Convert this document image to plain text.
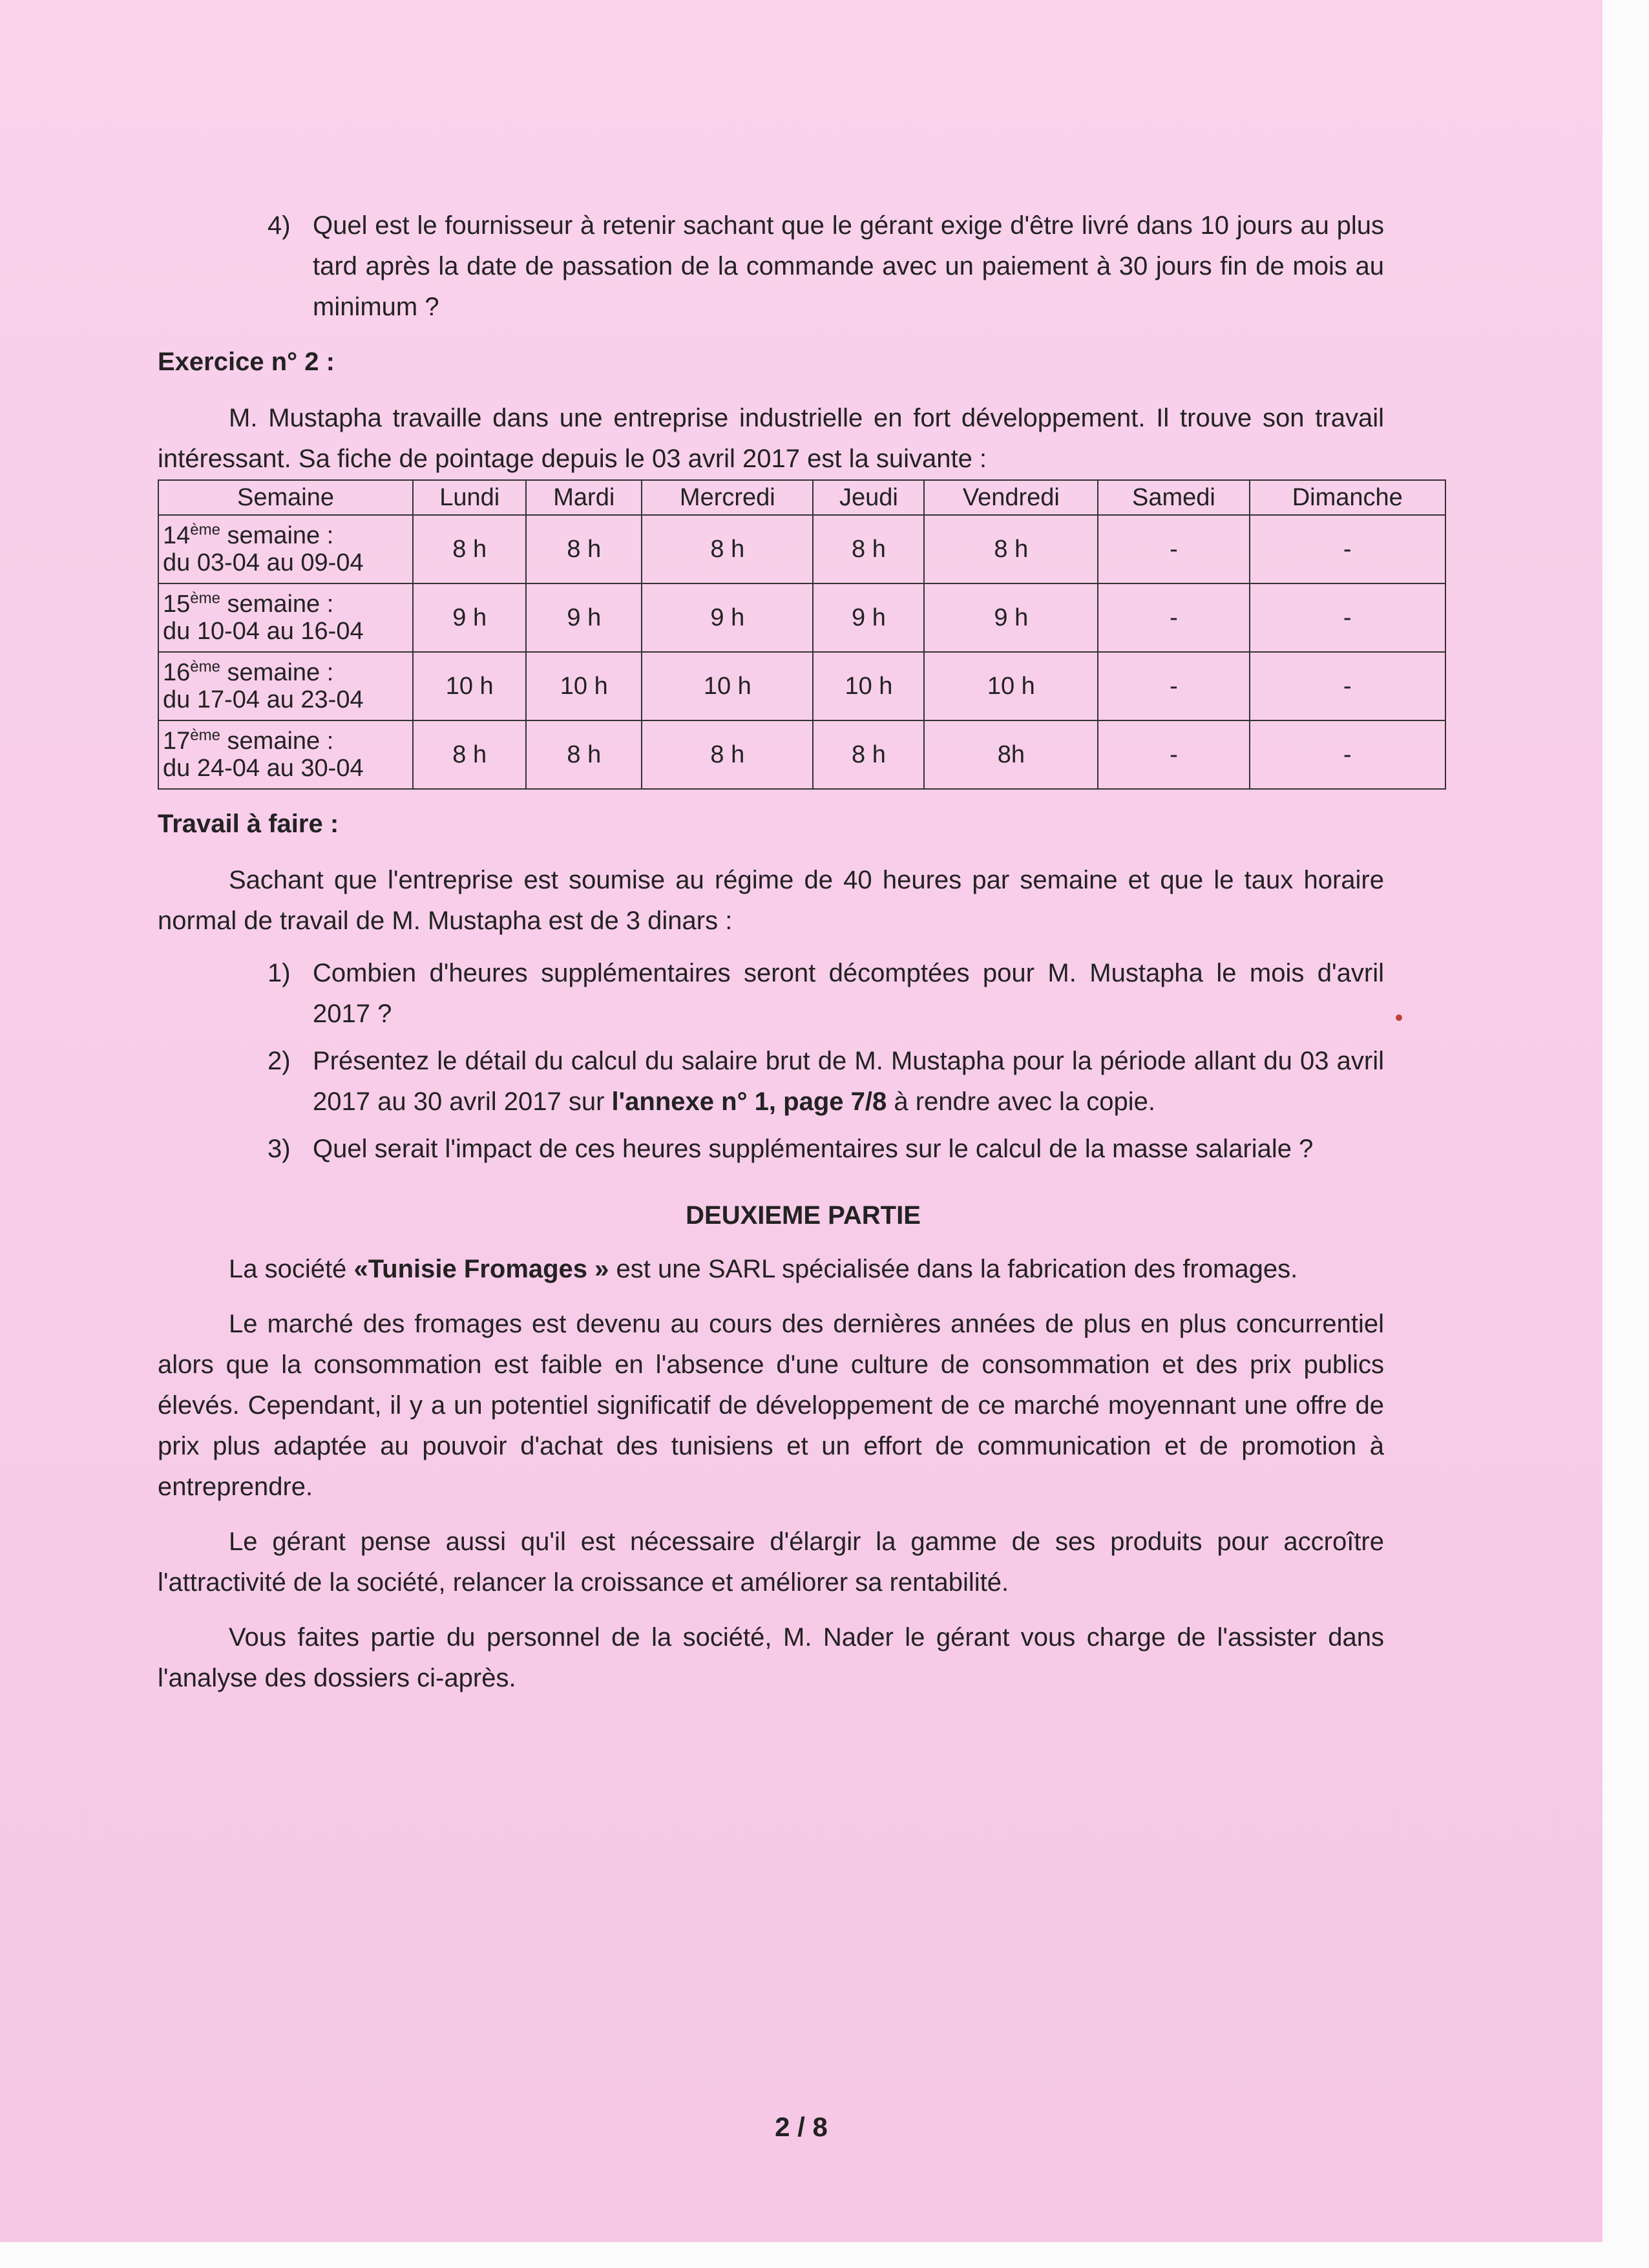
4) Quel est le fournisseur à retenir sachant que le gérant exige d'être livré dans 10 jours au plus tard après la date de passation de la commande avec un paiement à 30 jours fin de mois au minimum ?

Exercice n° 2 :

M. Mustapha travaille dans une entreprise industrielle en fort développement. Il trouve son travail intéressant. Sa fiche de pointage depuis le 03 avril 2017 est la suivante :

Semaine	Lundi	Mardi	Mercredi	Jeudi	Vendredi	Samedi	Dimanche
14ème semaine :
du 03-04 au 09-04	8 h	8 h	8 h	8 h	8 h	-	-
15ème semaine :
du 10-04 au 16-04	9 h	9 h	9 h	9 h	9 h	-	-
16ème semaine :
du 17-04 au 23-04	10 h	10 h	10 h	10 h	10 h	-	-
17ème semaine :
du 24-04 au 30-04	8 h	8 h	8 h	8 h	8h	-	-

Travail à faire :

Sachant que l'entreprise est soumise au régime de 40 heures par semaine et que le taux horaire normal de travail de M. Mustapha est de 3 dinars :

1) Combien d'heures supplémentaires seront décomptées pour M. Mustapha le mois d'avril 2017 ?
2) Présentez le détail du calcul du salaire brut de M. Mustapha pour la période allant du 03 avril 2017 au 30 avril 2017 sur l'annexe n° 1, page 7/8 à rendre avec la copie.
3) Quel serait l'impact de ces heures supplémentaires sur le calcul de la masse salariale ?

DEUXIEME PARTIE

La société «Tunisie Fromages » est une SARL spécialisée dans la fabrication des fromages.

Le marché des fromages est devenu au cours des dernières années de plus en plus concurrentiel alors que la consommation est faible en l'absence d'une culture de consommation et des prix publics élevés. Cependant, il y a un potentiel significatif de développement de ce marché moyennant une offre de prix plus adaptée au pouvoir d'achat des tunisiens et un effort de communication et de promotion à entreprendre.

Le gérant pense aussi qu'il est nécessaire d'élargir la gamme de ses produits pour accroître l'attractivité de la société, relancer la croissance et améliorer sa rentabilité.

Vous faites partie du personnel de la société, M. Nader le gérant vous charge de l'assister dans l'analyse des dossiers ci-après.

2 / 8
